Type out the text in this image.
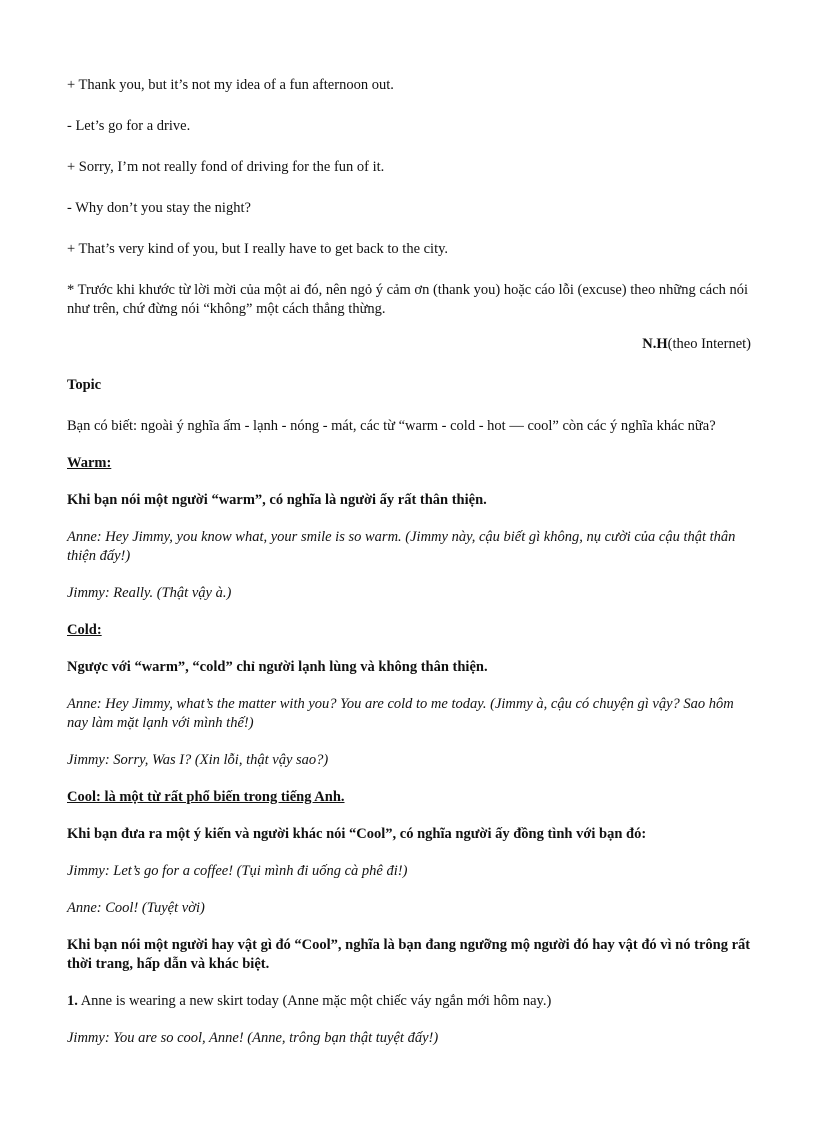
+ Thank you, but it’s not my idea of a fun afternoon out.

- Let’s go for a drive.

+ Sorry, I’m not really fond of driving for the fun of it.

- Why don’t you stay the night?

+ That’s very kind of you, but I really have to get back to the city.

* Trước khi khước từ lời mời của một ai đó, nên ngỏ ý cảm ơn (thank you) hoặc cáo lỗi (excuse) theo những cách nói như trên, chứ đừng nói “không” một cách thẳng thừng.

N.H(theo Internet)

Topic

Bạn có biết: ngoài ý nghĩa ấm - lạnh - nóng - mát, các từ “warm - cold - hot — cool” còn các ý nghĩa khác nữa?

Warm:

Khi bạn nói một người “warm”, có nghĩa là người ấy rất thân thiện.

Anne: Hey Jimmy, you know what, your smile is so warm. (Jimmy này, cậu biết gì không, nụ cười của cậu thật thân thiện đấy!)

Jimmy: Really. (Thật vậy à.)

Cold:

Ngược với “warm”, “cold” chỉ người lạnh lùng và không thân thiện.

Anne: Hey Jimmy, what’s the matter with you? You are cold to me today. (Jimmy à, cậu có chuyện gì vậy? Sao hôm nay làm mặt lạnh với mình thế!)

Jimmy: Sorry, Was I? (Xin lỗi, thật vậy sao?)

Cool: là một từ rất phổ biến trong tiếng Anh.

Khi bạn đưa ra một ý kiến và người khác nói “Cool”, có nghĩa người ấy đồng tình với bạn đó:

Jimmy: Let’s go for a coffee! (Tụi mình đi uống cà phê đi!)

Anne: Cool! (Tuyệt vời)

Khi bạn nói một người hay vật gì đó “Cool”, nghĩa là bạn đang ngưỡng mộ người đó hay vật đó vì nó trông rất thời trang, hấp dẫn và khác biệt.

1. Anne is wearing a new skirt today (Anne mặc một chiếc váy ngắn mới hôm nay.)

Jimmy: You are so cool, Anne! (Anne, trông bạn thật tuyệt đấy!)
